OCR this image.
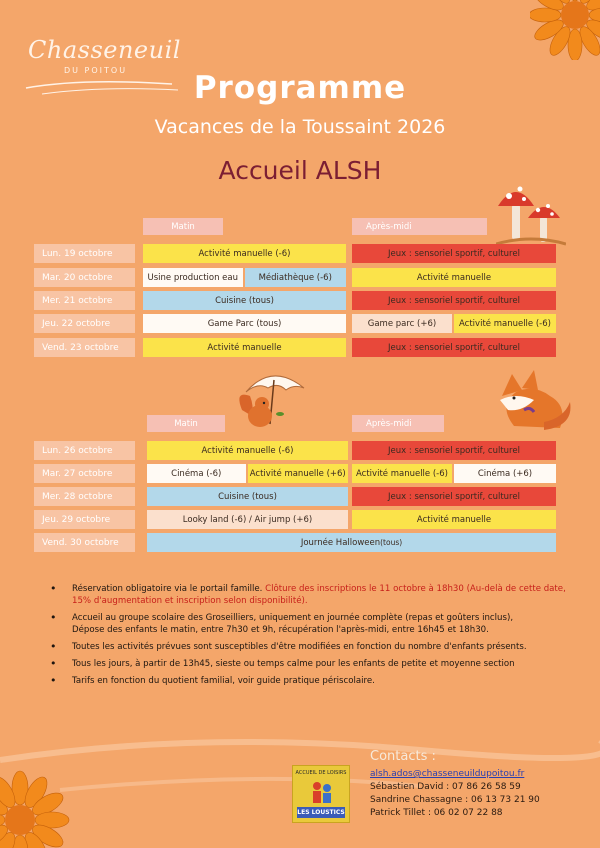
Chasseneuil
DU POITOU	Programme
Vacances de la Toussaint 2026
Accueil ALSH
Matin	Après-midi
Lun. 19 octobre	Activité manuelle (-6)	Jeux : sensoriel sportif, culturel
Mar. 20 octobre	Usine production eau	Médiathèque (-6)	Activité manuelle
Mer. 21 octobre	Cuisine (tous)	Jeux : sensoriel sportif, culturel
Jeu. 22 octobre	Game Parc (tous)	Game parc (+6)	Activité manuelle (-6)
Vend. 23 octobre	Activité manuelle	Jeux : sensoriel sportif, culturel
Matin	Après-midi
Lun. 26 octobre	Activité manuelle (-6)	Jeux : sensoriel sportif, culturel
Mar. 27 octobre	Cinéma (-6)	Activité manuelle (+6)	Activité manuelle (-6)	Cinéma (+6)
Mer. 28 octobre	Cuisine (tous)	Jeux : sensoriel sportif, culturel
Jeu. 29 octobre	Looky land (-6) / Air jump (+6)	Activité manuelle
Vend. 30 octobre	Journée Halloween (tous)
• Réservation obligatoire via le portail famille. Clôture des inscriptions le 11 octobre à 18h30 (Au-delà de cette date, 15% d'augmentation et inscription selon disponibilité).
• Accueil au groupe scolaire des Groseilliers, uniquement en journée complète (repas et goûters inclus),
Dépose des enfants le matin, entre 7h30 et 9h, récupération l'après-midi, entre 16h45 et 18h30.
• Toutes les activités prévues sont susceptibles d'être modifiées en fonction du nombre d'enfants présents.
• Tous les jours, à partir de 13h45, sieste ou temps calme pour les enfants de petite et moyenne section
• Tarifs en fonction du quotient familial, voir guide pratique périscolaire.
ACCUEIL DE LOISIRS
LES LOUSTICS
Contacts :
alsh.ados@chasseneuildupoitou.fr
Sébastien David : 07 86 26 58 59
Sandrine Chassagne : 06 13 73 21 90
Patrick Tillet : 06 02 07 22 88
